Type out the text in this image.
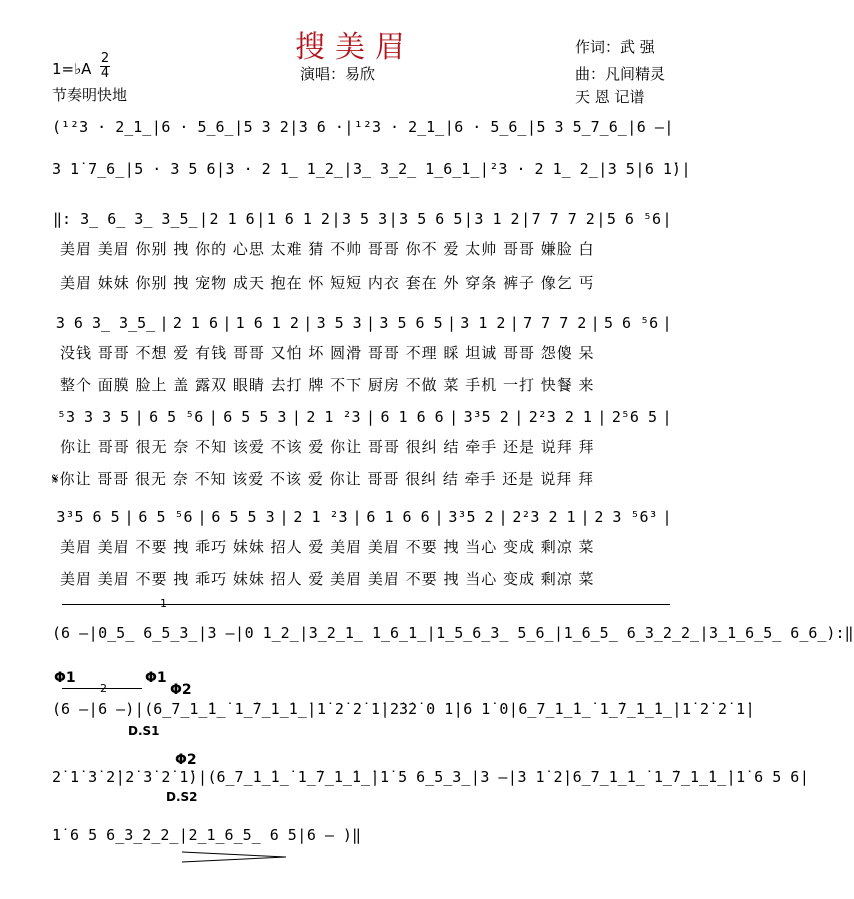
搜美眉	作词：武 强
演唱：易欣	曲：凡间精灵
天 恩 记谱
1=♭A
2
4
节奏明快地
(¹²3 · 2̲1̲ | 6 · 5̲6̲ | 5 3 2 | 3 6 · | ¹²3 · 2̲1̲ | 6 · 5̲6̲ | 5 3 5̲7̲6̲ | 6 – |
3 1̇ 7̲6̲ | 5 · 3 5 6 | 3 · 2 1̲ 1̲2̲ | 3̲ 3̲2̲ 1̲6̲1̲ | ²3 · 2 1̲ 2̲ | 3 5 | 6 1̇) |
‖: 3̲ 6̲ 3̲ 3̲5̲ | 2 1 6 | 1 6 1 2 | 3 5 3 | 3 5 6 5 | 3 1 2 | 7 7 7 2 | 5 6 ⁵6 |
美眉 美眉 你别 拽 你的 心思 太难 猜 不帅 哥哥 你不 爱 太帅 哥哥 嫌脸 白
美眉 妹妹 你别 拽 宠物 成天 抱在 怀 短短 内衣 套在 外 穿条 裤子 像乞 丐
3 6 3̲ 3̲5̲ | 2 1 6 | 1 6 1 2 | 3 5 3 | 3 5 6 5 | 3 1 2 | 7 7 7 2 | 5 6 ⁵6 |
没钱 哥哥 不想 爱 有钱 哥哥 又怕 坏 圆滑 哥哥 不理 睬 坦诚 哥哥 怨傻 呆
整个 面膜 脸上 盖 露双 眼睛 去打 牌 不下 厨房 不做 菜 手机 一打 快餐 来
⁵3 3 3 5 | 6 5 ⁵6 | 6 5 5 3 | 2 1 ²3 | 6 1 6 6 | 3³5 2 | 2²3 2 1 | 2⁵6 5 |
你让 哥哥 很无 奈 不知 该爱 不该 爱 你让 哥哥 很纠 结 牵手 还是 说拜 拜
𝄋你让 哥哥 很无 奈 不知 该爱 不该 爱 你让 哥哥 很纠 结 牵手 还是 说拜 拜
3³5 6 5 | 6 5 ⁵6 | 6 5 5 3 | 2 1 ²3 | 6 1 6 6 | 3³5 2 | 2²3 2 1 | 2 3 ⁵6³ |
美眉 美眉 不要 拽 乖巧 妹妹 招人 爱 美眉 美眉 不要 拽 当心 变成 剩凉 菜
美眉 美眉 不要 拽 乖巧 妹妹 招人 爱 美眉 美眉 不要 拽 当心 变成 剩凉 菜
1
(6 – | 0̲5̲ 6̲5̲3̲ | 3 – | 0 1̲2̲ | 3̲2̲1̲ 1̲6̲1̲ | 1̲5̲6̲3̲ 5̲6̲ | 1̲6̲5̲ 6̲3̲2̲2̲ | 3̲1̲6̲5̲ 6̲6̲):‖
Φ1
2
Φ1
Φ2
(6 – | 6 –) | (6̲7̲1̲̇1̲̇ 1̲̇7̲1̲̇1̲̇ | 1̇ 2̇ 2̇ 1̇ | 2̇3̇2̇ 0 1̇ | 6 1̇ 0 | 6̲7̲1̲̇1̲̇ 1̲̇7̲1̲̇1̲̇ | 1̇ 2̇ 2̇ 1̇ |
D.S1
Φ2
2̇ 1̇ 3̇ 2̇ | 2̇ 3̇ 2̇ 1̇) | (6̲7̲1̲̇1̲̇ 1̲̇7̲1̲̇1̲̇ | 1̇ 5 6̲5̲3̲ | 3 – | 3 1̇ 2̇ | 6̲7̲1̲̇1̲̇ 1̲̇7̲1̲̇1̲̇ | 1̇ 6 5 6 |
D.S2
1̇ 6 5 6̲3̲2̲2̲ | 2̲1̲6̲5̲ 6 5 | 6 – )‖
